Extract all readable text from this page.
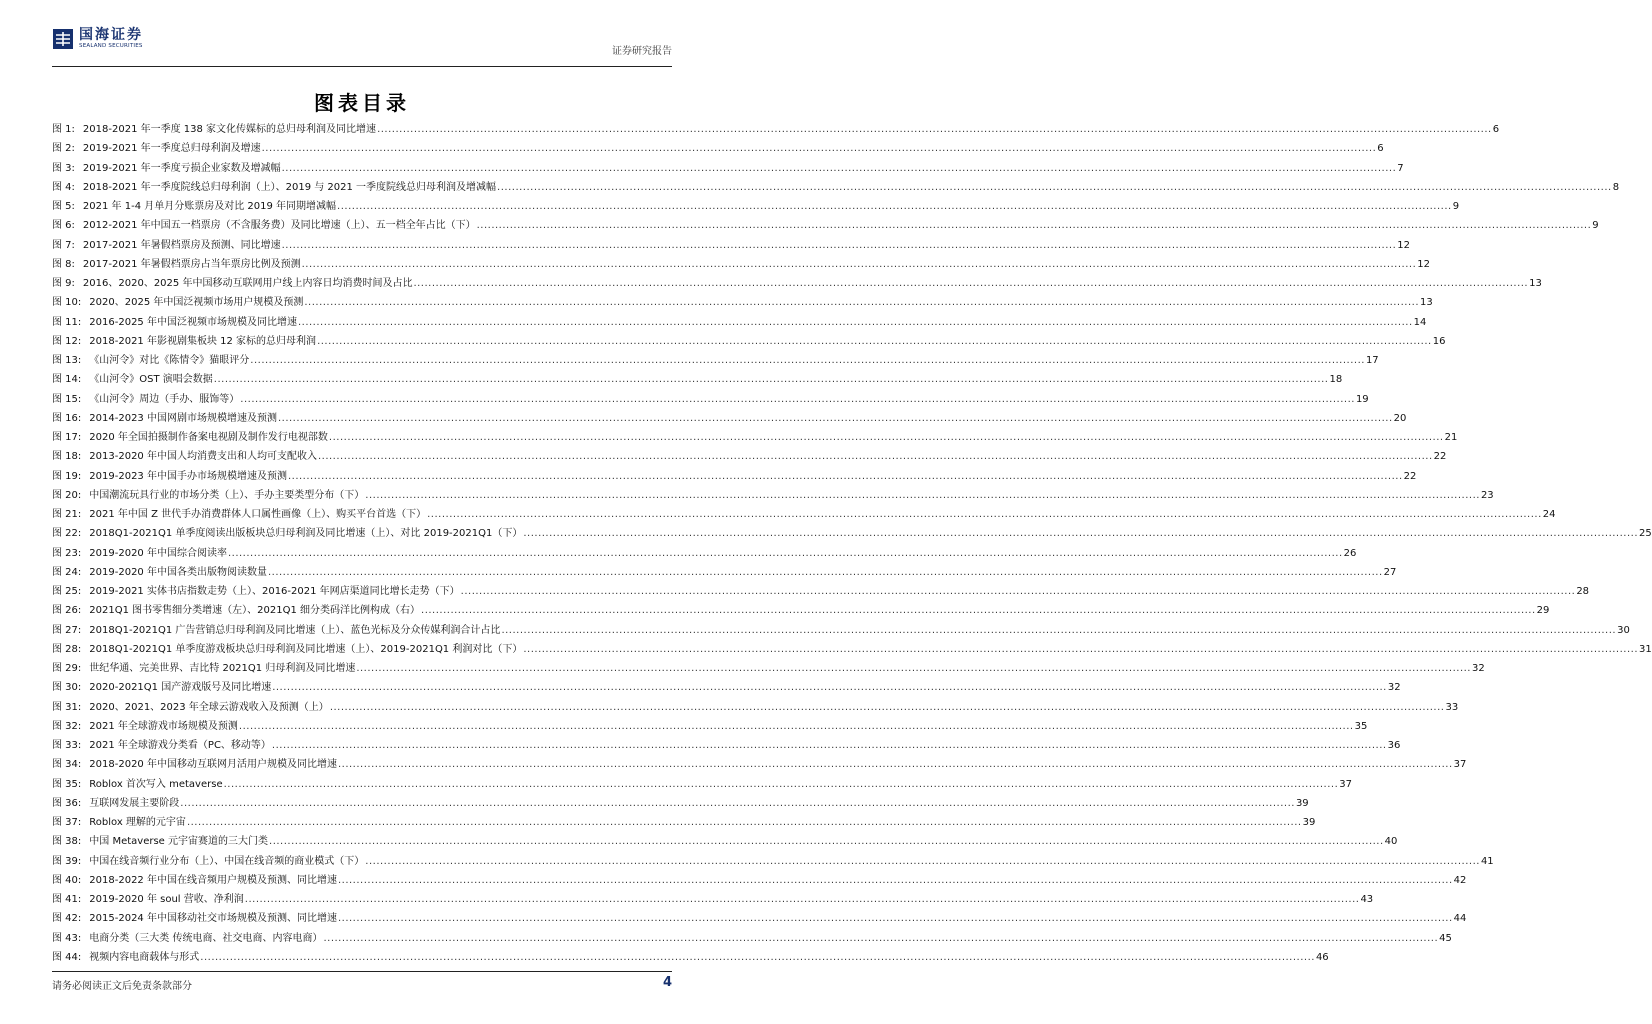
国海证券
SEALAND SECURITIES	证券研究报告
图表目录
图 1: 2018-2021 年一季度 138 家文化传媒标的总归母利润及同比增速 .....	6
图 2: 2019-2021 年一季度总归母利润及增速 .....	6
图 3: 2019-2021 年一季度亏损企业家数及增减幅 .....	7
图 4: 2018-2021 年一季度院线总归母利润（上）、2019 与 2021 一季度院线总归母利润及增减幅 .....	8
图 5: 2021 年 1-4 月单月分账票房及对比 2019 年同期增减幅 .....	9
图 6: 2012-2021 年中国五一档票房（不含服务费）及同比增速（上）、五一档全年占比（下） .....	9
图 7: 2017-2021 年暑假档票房及预测、同比增速 .....	12
图 8: 2017-2021 年暑假档票房占当年票房比例及预测 .....	12
图 9: 2016、2020、2025 年中国移动互联网用户线上内容日均消费时间及占比 .....	13
图 10: 2020、2025 年中国泛视频市场用户规模及预测 .....	13
图 11: 2016-2025 年中国泛视频市场规模及同比增速 .....	14
图 12: 2018-2021 年影视剧集板块 12 家标的总归母利润 .....	16
图 13: 《山河令》对比《陈情令》猫眼评分 .....	17
图 14: 《山河令》OST 演唱会数据 .....	18
图 15: 《山河令》周边（手办、服饰等） .....	19
图 16: 2014-2023 中国网剧市场规模增速及预测 .....	20
图 17: 2020 年全国拍摄制作备案电视剧及制作发行电视部数 .....	21
图 18: 2013-2020 年中国人均消费支出和人均可支配收入 .....	22
图 19: 2019-2023 年中国手办市场规模增速及预测 .....	22
图 20: 中国潮流玩具行业的市场分类（上）、手办主要类型分布（下） .....	23
图 21: 2021 年中国 Z 世代手办消费群体人口属性画像（上）、购买平台首选（下） .....	24
图 22: 2018Q1-2021Q1 单季度阅读出版板块总归母利润及同比增速（上）、对比 2019-2021Q1（下） .....	25
图 23: 2019-2020 年中国综合阅读率 .....	26
图 24: 2019-2020 年中国各类出版物阅读数量 .....	27
图 25: 2019-2021 实体书店指数走势（上）、2016-2021 年网店渠道同比增长走势（下） .....	28
图 26: 2021Q1 图书零售细分类增速（左）、2021Q1 细分类码洋比例构成（右） .....	29
图 27: 2018Q1-2021Q1 广告营销总归母利润及同比增速（上）、蓝色光标及分众传媒利润合计占比 .....	30
图 28: 2018Q1-2021Q1 单季度游戏板块总归母利润及同比增速（上）、2019-2021Q1 利润对比（下） .....	31
图 29: 世纪华通、完美世界、吉比特 2021Q1 归母利润及同比增速 .....	32
图 30: 2020-2021Q1 国产游戏版号及同比增速 .....	32
图 31: 2020、2021、2023 年全球云游戏收入及预测（上） .....	33
图 32: 2021 年全球游戏市场规模及预测 .....	35
图 33: 2021 年全球游戏分类看（PC、移动等） .....	36
图 34: 2018-2020 年中国移动互联网月活用户规模及同比增速 .....	37
图 35: Roblox 首次写入 metaverse .....	37
图 36: 互联网发展主要阶段 .....	39
图 37: Roblox 理解的元宇宙 .....	39
图 38: 中国 Metaverse 元宇宙赛道的三大门类 .....	40
图 39: 中国在线音频行业分布（上）、中国在线音频的商业模式（下） .....	41
图 40: 2018-2022 年中国在线音频用户规模及预测、同比增速 .....	42
图 41: 2019-2020 年 soul 营收、净利润 .....	43
图 42: 2015-2024 年中国移动社交市场规模及预测、同比增速 .....	44
图 43: 电商分类（三大类 传统电商、社交电商、内容电商） .....	45
图 44: 视频内容电商载体与形式 .....	46
请务必阅读正文后免责条款部分	4
